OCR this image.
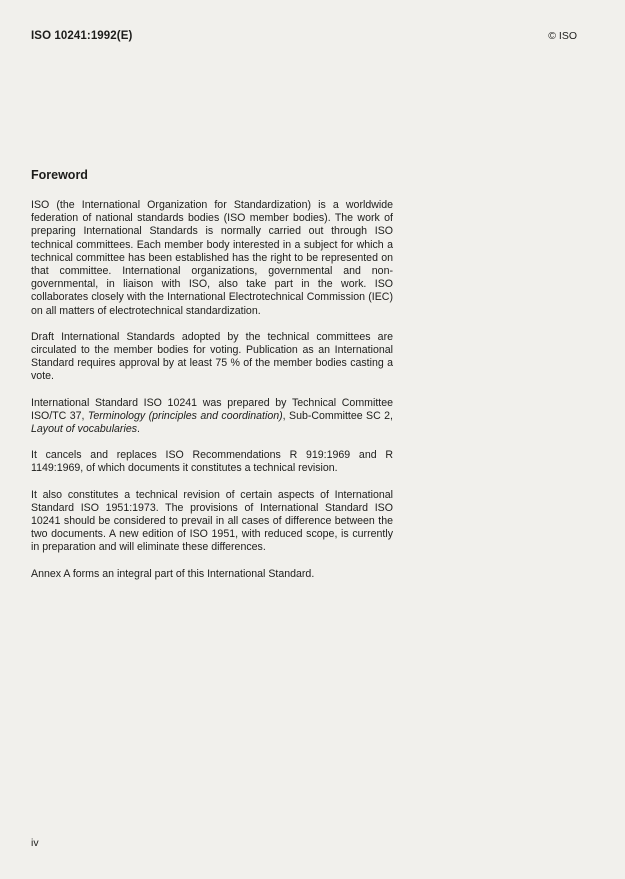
ISO 10241:1992(E)	© ISO
Foreword

ISO (the International Organization for Standardization) is a worldwide federation of national standards bodies (ISO member bodies). The work of preparing International Standards is normally carried out through ISO technical committees. Each member body interested in a subject for which a technical committee has been established has the right to be represented on that committee. International organizations, governmental and non-governmental, in liaison with ISO, also take part in the work. ISO collaborates closely with the International Electrotechnical Commission (IEC) on all matters of electrotechnical standardization.

Draft International Standards adopted by the technical committees are circulated to the member bodies for voting. Publication as an International Standard requires approval by at least 75 % of the member bodies casting a vote.

International Standard ISO 10241 was prepared by Technical Committee ISO/TC 37, Terminology (principles and coordination), Sub-Committee SC 2, Layout of vocabularies.

It cancels and replaces ISO Recommendations R 919:1969 and R 1149:1969, of which documents it constitutes a technical revision.

It also constitutes a technical revision of certain aspects of International Standard ISO 1951:1973. The provisions of International Standard ISO 10241 should be considered to prevail in all cases of difference between the two documents. A new edition of ISO 1951, with reduced scope, is currently in preparation and will eliminate these differences.

Annex A forms an integral part of this International Standard.

iv
